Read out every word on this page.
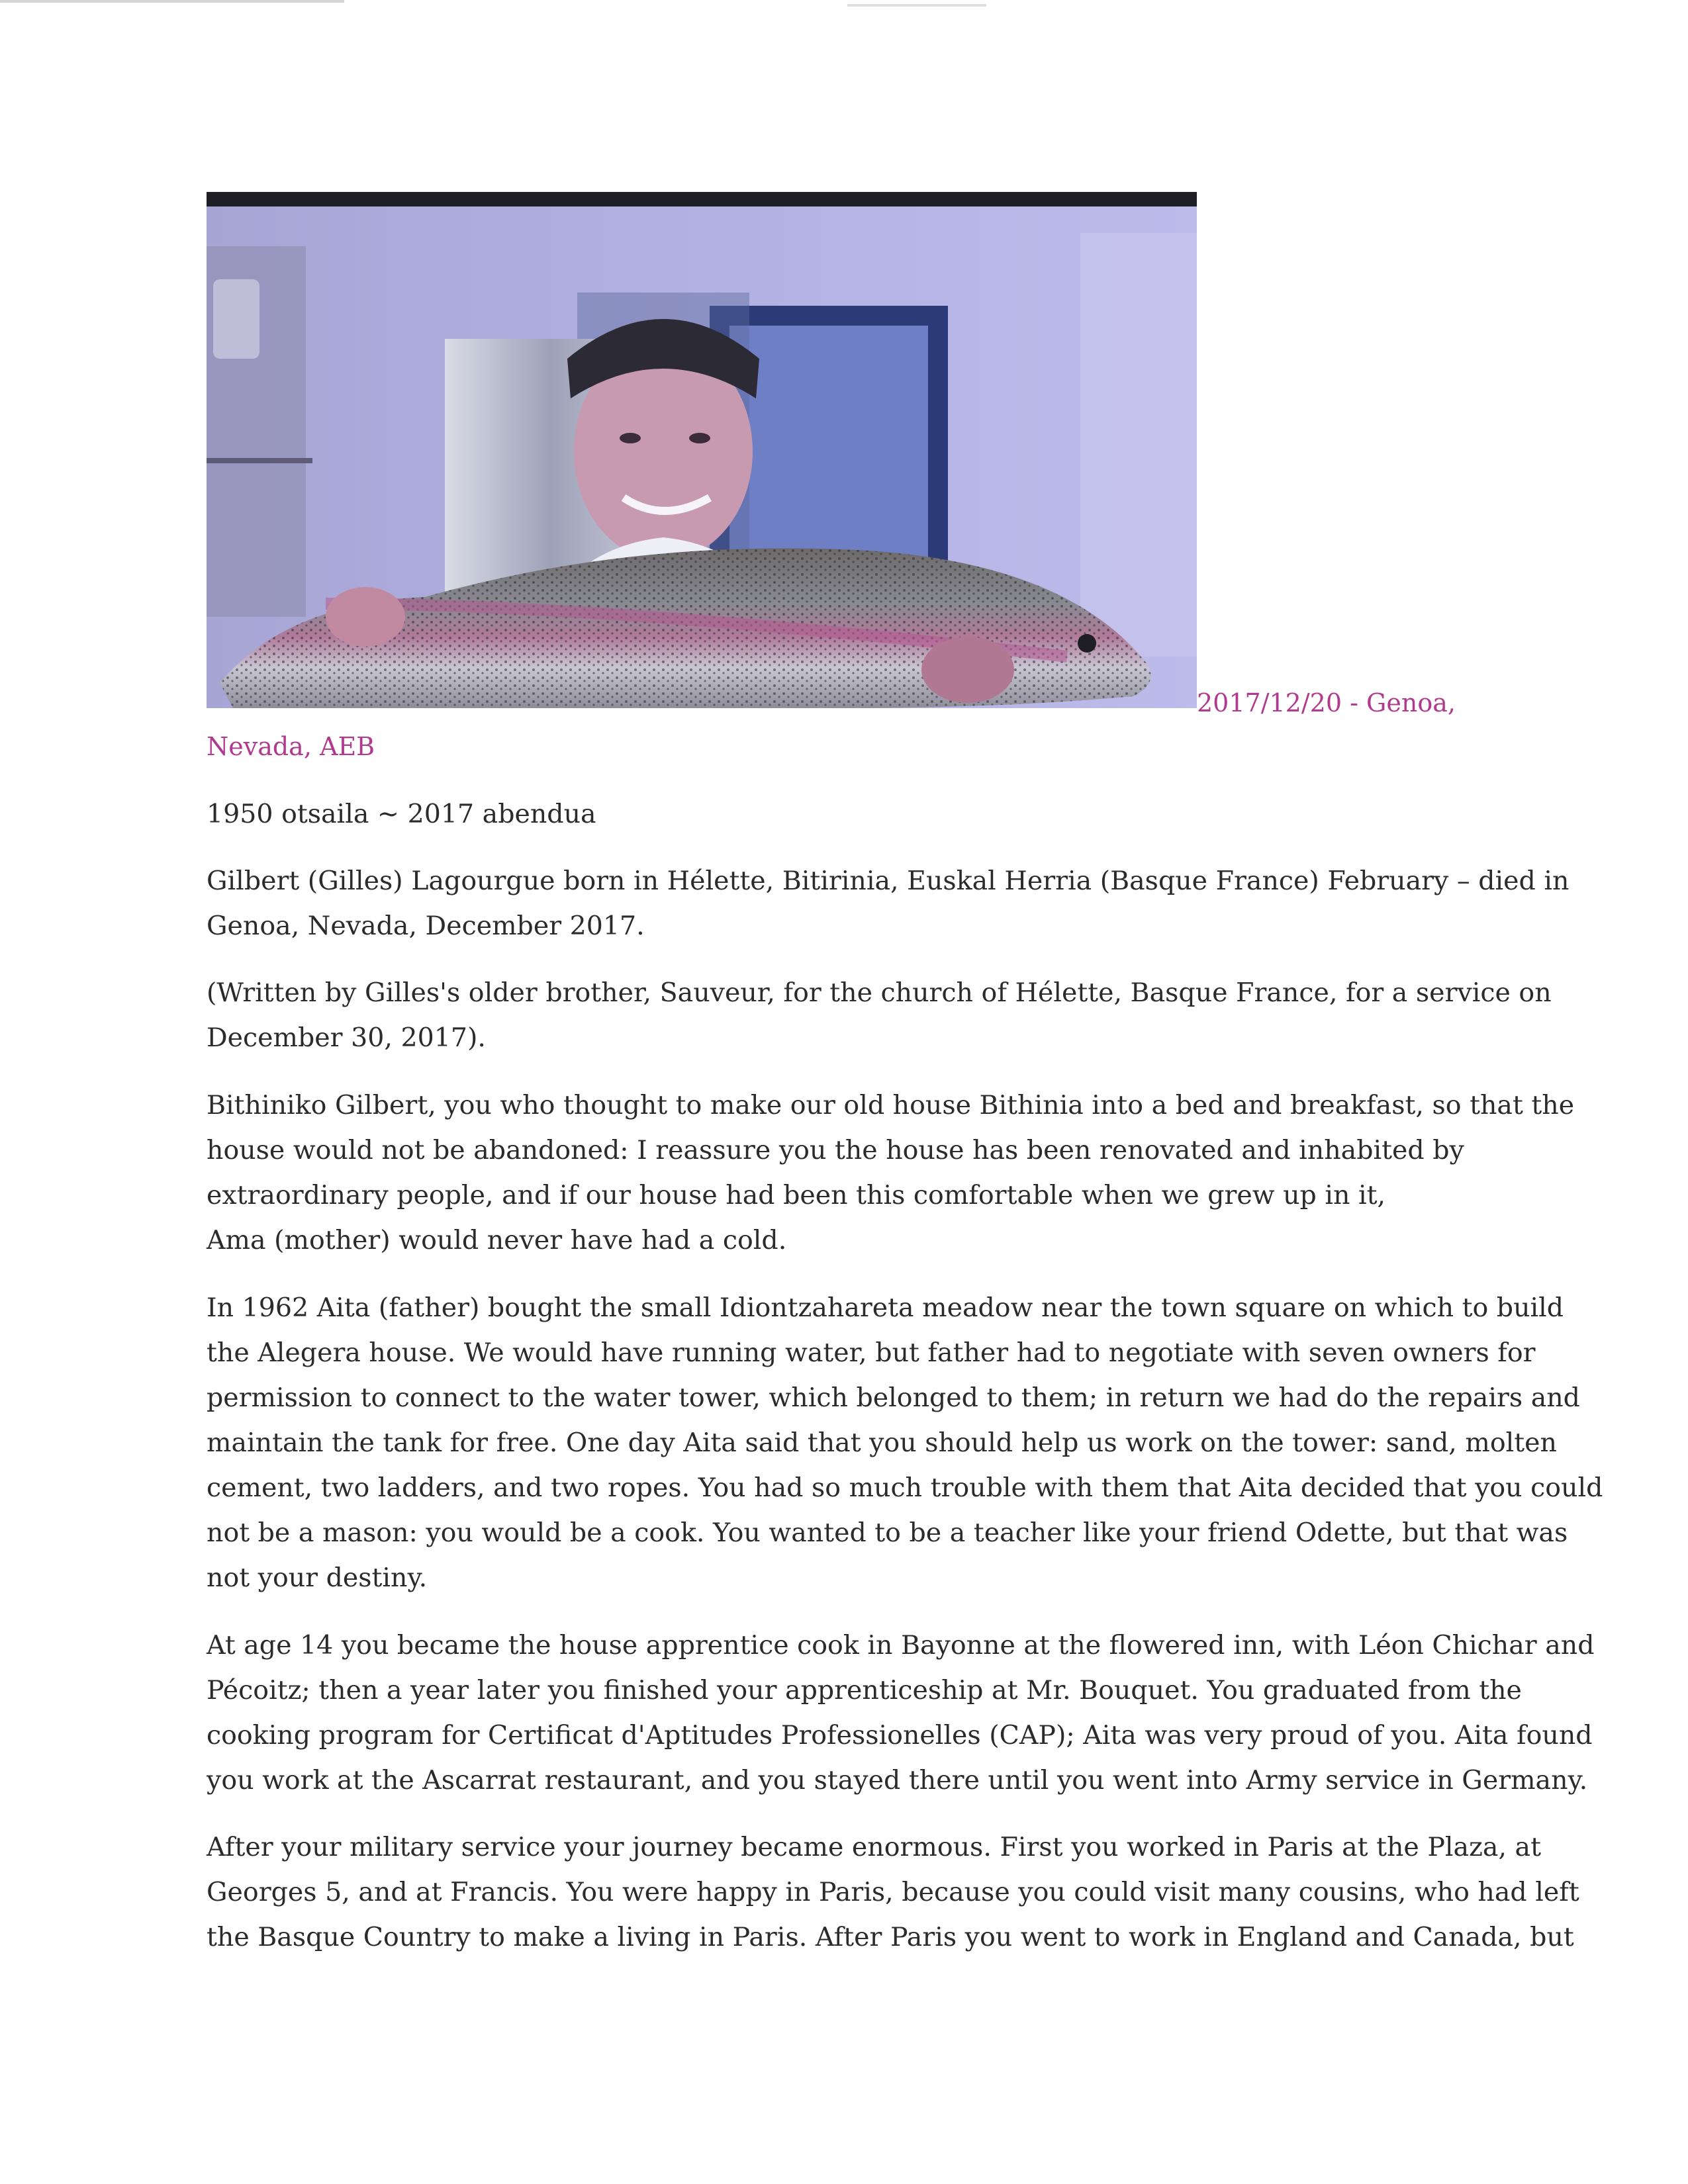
2017/12/20 - Genoa,
Nevada, AEB

1950 otsaila ~ 2017 abendua

Gilbert (Gilles) Lagourgue born in Hélette, Bitirinia, Euskal Herria (Basque France) February – died in
Genoa, Nevada, December 2017.

(Written by Gilles's older brother, Sauveur, for the church of Hélette, Basque France, for a service on
December 30, 2017).

Bithiniko Gilbert, you who thought to make our old house Bithinia into a bed and breakfast, so that the
house would not be abandoned: I reassure you the house has been renovated and inhabited by
extraordinary people, and if our house had been this comfortable when we grew up in it,
Ama (mother) would never have had a cold.

In 1962 Aita (father) bought the small Idiontzahareta meadow near the town square on which to build
the Alegera house. We would have running water, but father had to negotiate with seven owners for
permission to connect to the water tower, which belonged to them; in return we had do the repairs and
maintain the tank for free. One day Aita said that you should help us work on the tower: sand, molten
cement, two ladders, and two ropes. You had so much trouble with them that Aita decided that you could
not be a mason: you would be a cook. You wanted to be a teacher like your friend Odette, but that was
not your destiny.

At age 14 you became the house apprentice cook in Bayonne at the flowered inn, with Léon Chichar and
Pécoitz; then a year later you finished your apprenticeship at Mr. Bouquet. You graduated from the
cooking program for Certificat d'Aptitudes Professionelles (CAP); Aita was very proud of you. Aita found
you work at the Ascarrat restaurant, and you stayed there until you went into Army service in Germany.

After your military service your journey became enormous. First you worked in Paris at the Plaza, at
Georges 5, and at Francis. You were happy in Paris, because you could visit many cousins, who had left
the Basque Country to make a living in Paris. After Paris you went to work in England and Canada, but
